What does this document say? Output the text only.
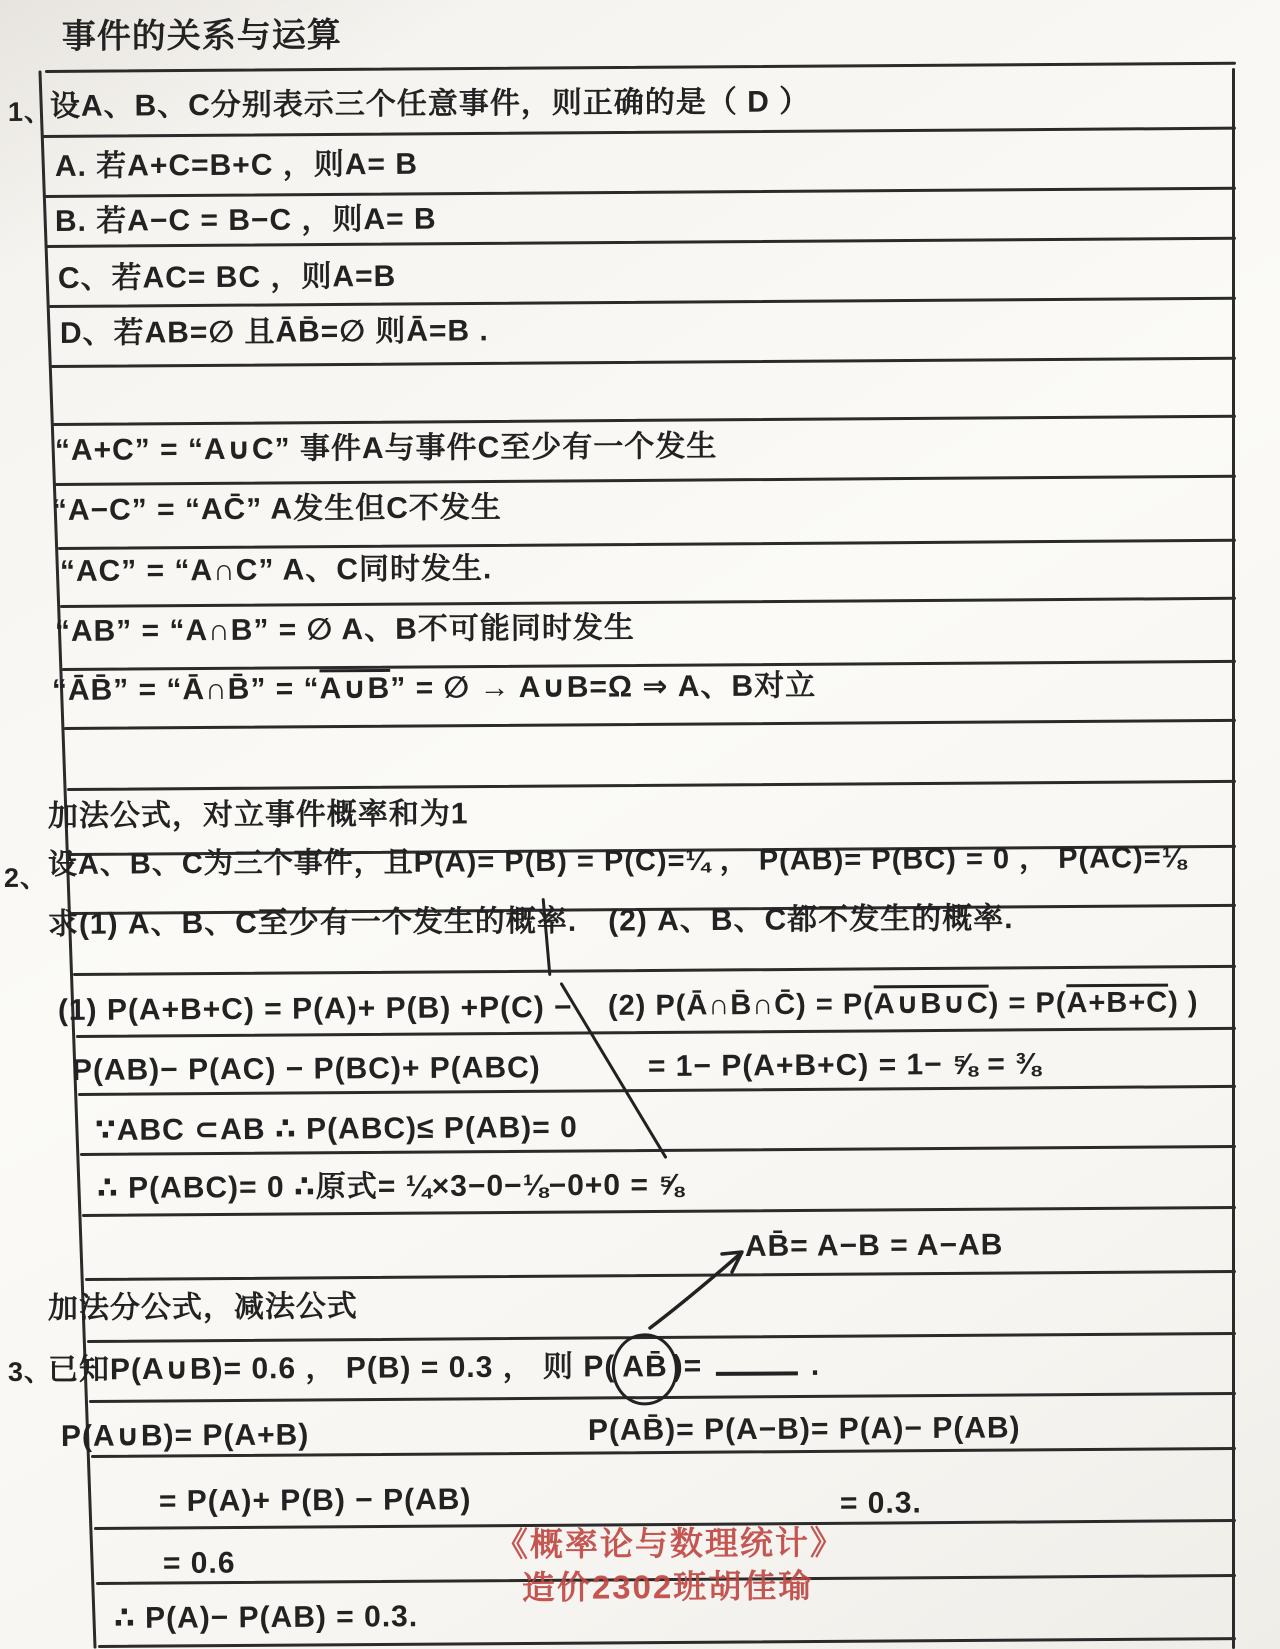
事件的关系与运算
1、
设A、B、C分别表示三个任意事件，则正确的是（ D ）
A. 若A+C=B+C ，则A= B
B. 若A−C = B−C ，则A= B
C、若AC= BC ，则A=B
D、若AB=∅ 且ĀB̄=∅ 则Ā=B .
“A+C” = “A∪C” 事件A与事件C至少有一个发生
“A−C” = “AC̄” A发生但C不发生
“AC” = “A∩C” A、C同时发生.
“AB” = “A∩B” = ∅ A、B不可能同时发生
“ĀB̄” = “Ā∩B̄” = “A∪B” = ∅ → A∪B=Ω ⇒ A、B对立
加法公式，对立事件概率和为1
2、 设A、B、C为三个事件，且P(A)= P(B) = P(C)=¼ ， P(AB)= P(BC) = 0 ， P(AC)=⅛
求(1) A、B、C至少有一个发生的概率.　(2) A、B、C都不发生的概率.
(1) P(A+B+C) = P(A)+ P(B) +P(C) − (2) P(Ā∩B̄∩C̄) = P(A∪B∪C) = P(A+B+C) )
P(AB)− P(AC) − P(BC)+ P(ABC)	= 1− P(A+B+C) = 1− ⅝ = ⅜
∵ABC ⊂AB ∴ P(ABC)≤ P(AB)= 0
∴ P(ABC)= 0 ∴原式= ¼×3−0−⅛−0+0 = ⅝
AB̄= A−B = A−AB
加法分公式，减法公式
3、
已知P(A∪B)= 0.6 ， P(B) = 0.3 ， 则 P( AB̄ )=	.
P(A∪B)= P(A+B)
= P(A)+ P(B) − P(AB)
= 0.6
∴ P(A)− P(AB) = 0.3.
P(AB̄)= P(A−B)= P(A)− P(AB)
= 0.3.
《概率论与数理统计》
造价2302班胡佳瑜
